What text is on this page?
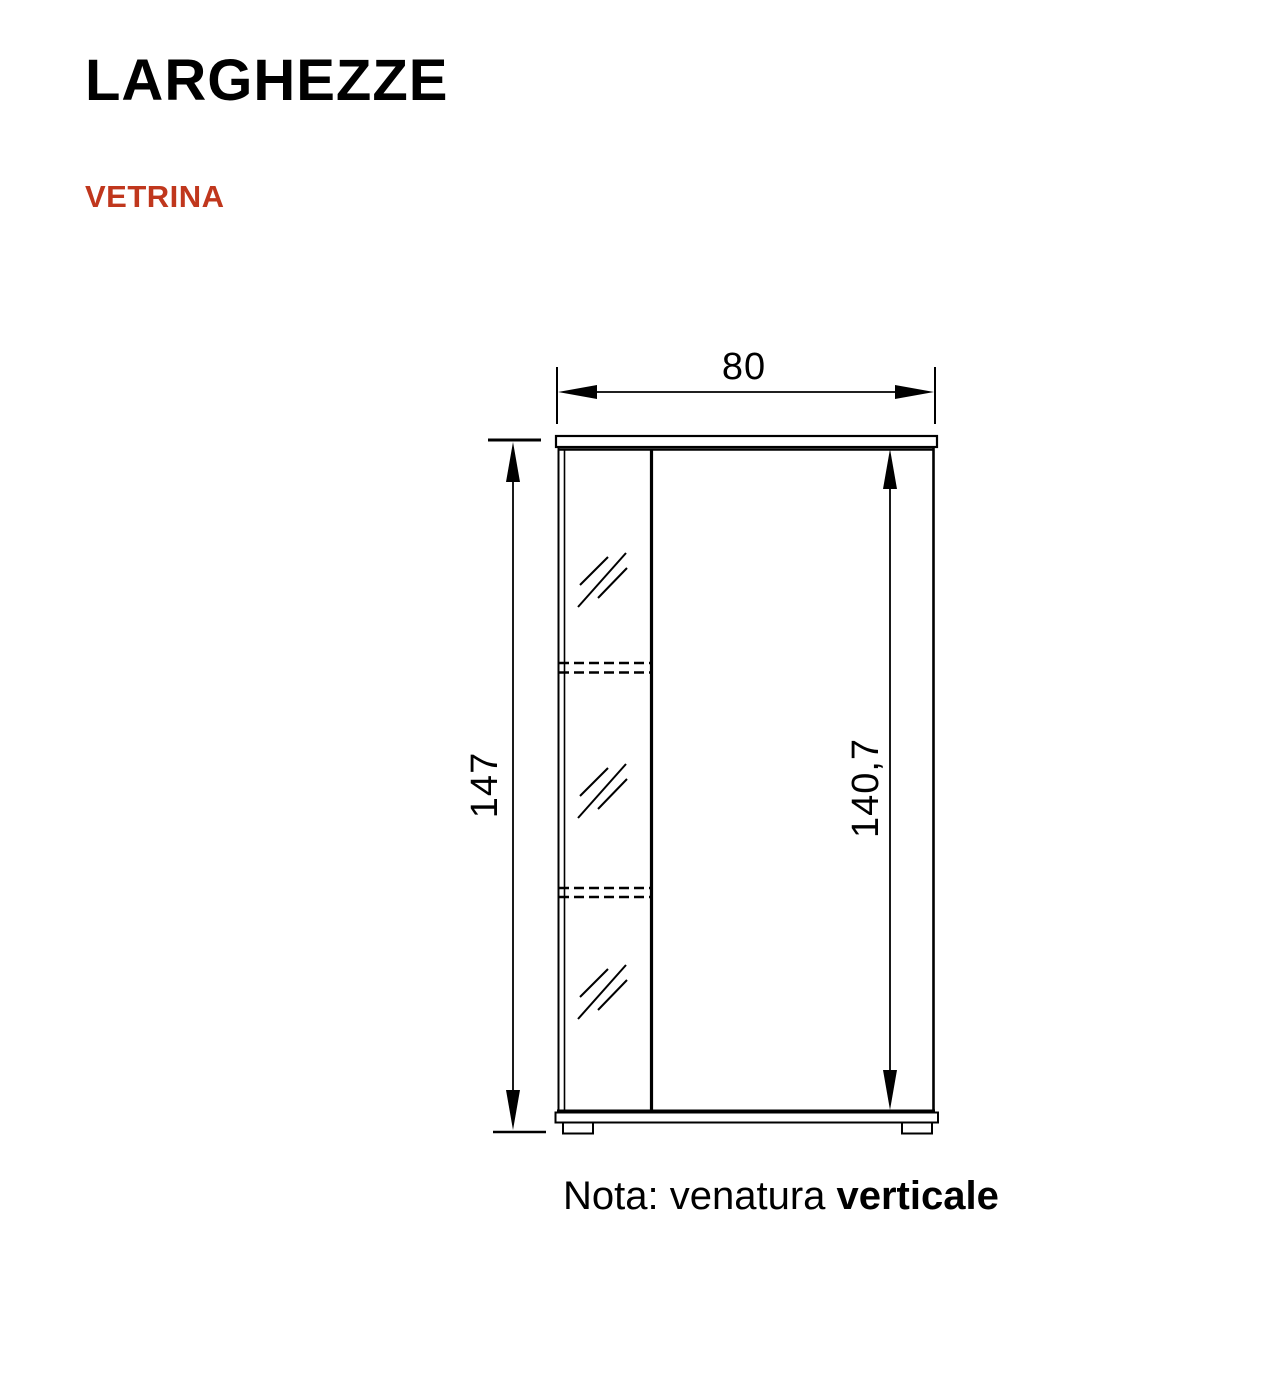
LARGHEZZE
VETRINA
80
147	140,7
Nota: venatura verticale
